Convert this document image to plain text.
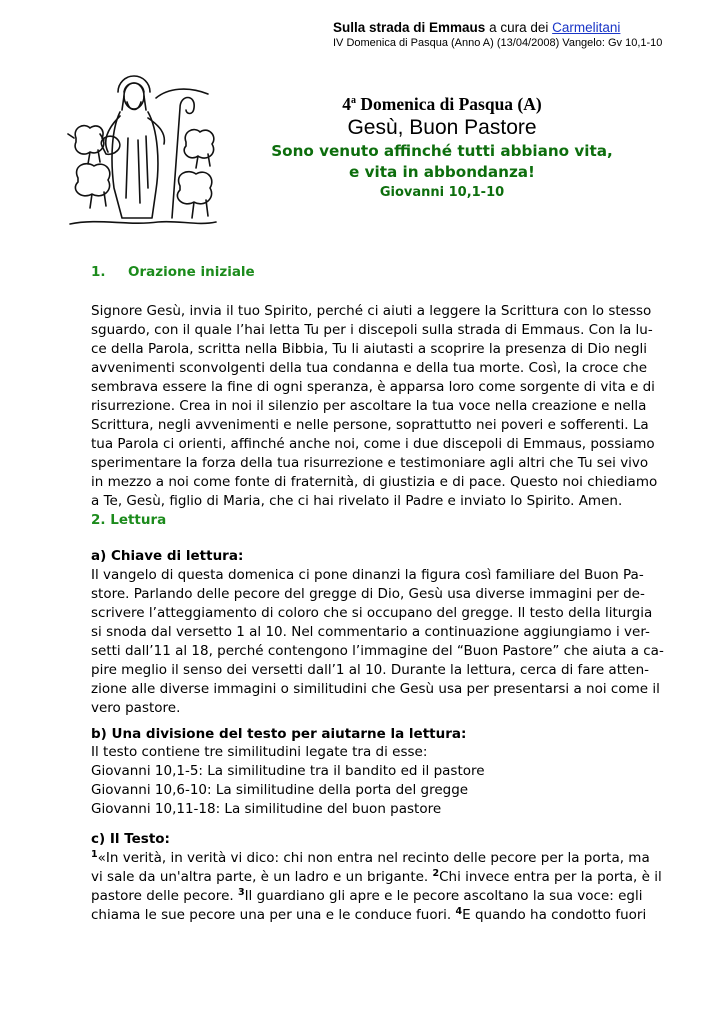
Sulla strada di Emmaus a cura dei Carmelitani
IV Domenica di Pasqua (Anno A) (13/04/2008) Vangelo: Gv 10,1-10
4$^a$ Domenica di Pasqua (A)
Gesù, Buon Pastore
Sono venuto affinché tutti abbiano vita,
e vita in abbondanza!
Giovanni 10,1-10
1. Orazione iniziale
Signore Gesù, invia il tuo Spirito, perché ci aiuti a leggere la Scrittura con lo stesso
sguardo, con il quale l’hai letta Tu per i discepoli sulla strada di Emmaus. Con la lu-
ce della Parola, scritta nella Bibbia, Tu li aiutasti a scoprire la presenza di Dio negli
avvenimenti sconvolgenti della tua condanna e della tua morte. Così, la croce che
sembrava essere la fine di ogni speranza, è apparsa loro come sorgente di vita e di
risurrezione. Crea in noi il silenzio per ascoltare la tua voce nella creazione e nella
Scrittura, negli avvenimenti e nelle persone, soprattutto nei poveri e sofferenti. La
tua Parola ci orienti, affinché anche noi, come i due discepoli di Emmaus, possiamo
sperimentare la forza della tua risurrezione e testimoniare agli altri che Tu sei vivo
in mezzo a noi come fonte di fraternità, di giustizia e di pace. Questo noi chiediamo
a Te, Gesù, figlio di Maria, che ci hai rivelato il Padre e inviato lo Spirito. Amen.
2. Lettura
a) Chiave di lettura:
Il vangelo di questa domenica ci pone dinanzi la figura così familiare del Buon Pa-
store. Parlando delle pecore del gregge di Dio, Gesù usa diverse immagini per de-
scrivere l’atteggiamento di coloro che si occupano del gregge. Il testo della liturgia
si snoda dal versetto 1 al 10. Nel commentario a continuazione aggiungiamo i ver-
setti dall’11 al 18, perché contengono l’immagine del “Buon Pastore” che aiuta a ca-
pire meglio il senso dei versetti dall’1 al 10. Durante la lettura, cerca di fare atten-
zione alle diverse immagini o similitudini che Gesù usa per presentarsi a noi come il
vero pastore.
b) Una divisione del testo per aiutarne la lettura:
Il testo contiene tre similitudini legate tra di esse:
Giovanni 10,1-5: La similitudine tra il bandito ed il pastore
Giovanni 10,6-10: La similitudine della porta del gregge
Giovanni 10,11-18: La similitudine del buon pastore
c) Il Testo:
$^1$«In verità, in verità vi dico: chi non entra nel recinto delle pecore per la porta, ma
vi sale da un'altra parte, è un ladro e un brigante. $^2$Chi invece entra per la porta, è il
pastore delle pecore. $^3$Il guardiano gli apre e le pecore ascoltano la sua voce: egli
chiama le sue pecore una per una e le conduce fuori. $^4$E quando ha condotto fuori
